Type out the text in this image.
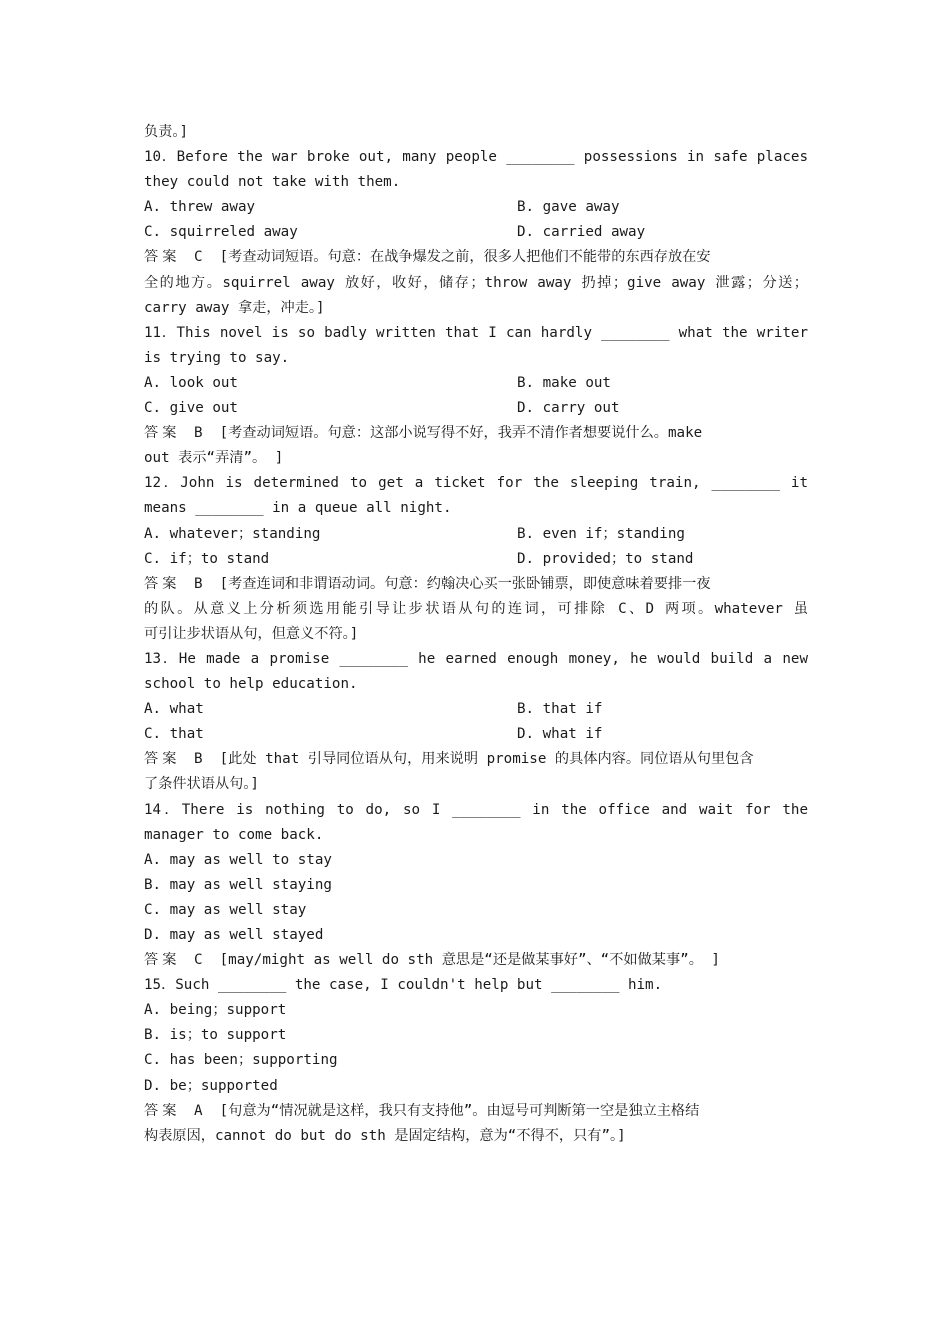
负责。]
10．Before the war broke out, many people ________ possessions in safe places
they could not take with them.
A. threw away	B. gave away
C. squirreled away	D. carried away
答案 C [考查动词短语。句意：在战争爆发之前，很多人把他们不能带的东西存放在安
全的地方。squirrel away 放好，收好，储存；throw away 扔掉；give away 泄露；分送；
carry away 拿走，冲走。]
11．This novel is so badly written that I can hardly ________ what the writer
is trying to say.
A. look out	B. make out
C. give out	D. carry out
答案 B [考查动词短语。句意：这部小说写得不好，我弄不清作者想要说什么。make
out 表示“弄清”。 ]
12．John is determined to get a ticket for the sleeping train, ________ it
means ________ in a queue all night.
A. whatever；standing	B. even if；standing
C. if；to stand	D. provided；to stand
答案 B [考查连词和非谓语动词。句意：约翰决心买一张卧铺票，即使意味着要排一夜
的队。从意义上分析须选用能引导让步状语从句的连词，可排除 C、D 两项。whatever 虽
可引让步状语从句，但意义不符。]
13．He made a promise ________ he earned enough money, he would build a new
school to help education.
A. what	B. that if
C. that	D. what if
答案 B [此处 that 引导同位语从句，用来说明 promise 的具体内容。同位语从句里包含
了条件状语从句。]
14．There is nothing to do, so I ________ in the office and wait for the
manager to come back.
A. may as well to stay
B. may as well staying
C. may as well stay
D. may as well stayed
答案 C [may/might as well do sth 意思是“还是做某事好”、“不如做某事”。 ]
15．Such ________ the case, I couldn't help but ________ him.
A. being；support
B. is；to support
C. has been；supporting
D. be；supported
答案 A [句意为“情况就是这样，我只有支持他”。由逗号可判断第一空是独立主格结
构表原因，cannot do but do sth 是固定结构，意为“不得不，只有”。]
